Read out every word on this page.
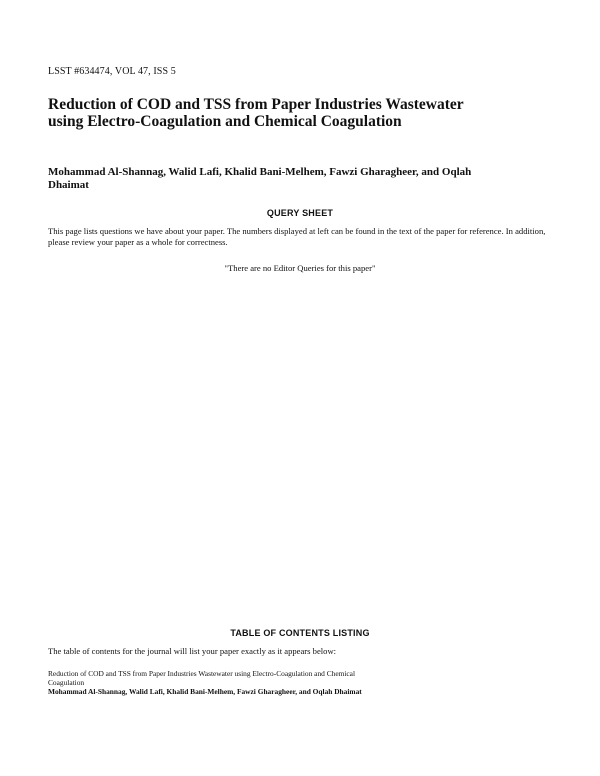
LSST #634474, VOL 47, ISS 5
Reduction of COD and TSS from Paper Industries Wastewater using Electro-Coagulation and Chemical Coagulation
Mohammad Al-Shannag, Walid Lafi, Khalid Bani-Melhem, Fawzi Gharagheer, and Oqlah Dhaimat
QUERY SHEET
This page lists questions we have about your paper. The numbers displayed at left can be found in the text of the paper for reference. In addition, please review your paper as a whole for correctness.
"There are no Editor Queries for this paper"
TABLE OF CONTENTS LISTING
The table of contents for the journal will list your paper exactly as it appears below:
Reduction of COD and TSS from Paper Industries Wastewater using Electro-Coagulation and Chemical Coagulation
Mohammad Al-Shannag, Walid Lafi, Khalid Bani-Melhem, Fawzi Gharagheer, and Oqlah Dhaimat
